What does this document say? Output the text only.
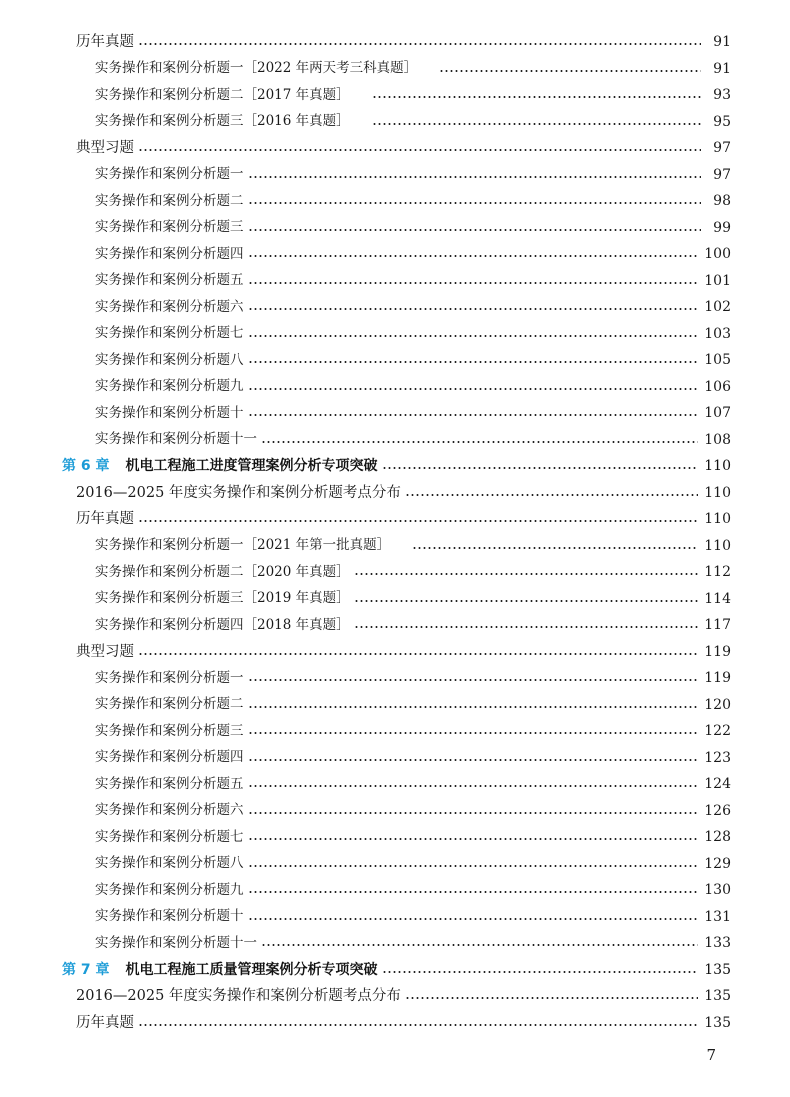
历年真题	91
实务操作和案例分析题一［2022 年两天考三科真题］	91
实务操作和案例分析题二［2017 年真题］	93
实务操作和案例分析题三［2016 年真题］	95
典型习题	97
实务操作和案例分析题一	97
实务操作和案例分析题二	98
实务操作和案例分析题三	99
实务操作和案例分析题四	100
实务操作和案例分析题五	101
实务操作和案例分析题六	102
实务操作和案例分析题七	103
实务操作和案例分析题八	105
实务操作和案例分析题九	106
实务操作和案例分析题十	107
实务操作和案例分析题十一	108
第 6 章 机电工程施工进度管理案例分析专项突破	110
2016—2025 年度实务操作和案例分析题考点分布	110
历年真题	110
实务操作和案例分析题一［2021 年第一批真题］	110
实务操作和案例分析题二［2020 年真题］	112
实务操作和案例分析题三［2019 年真题］	114
实务操作和案例分析题四［2018 年真题］	117
典型习题	119
实务操作和案例分析题一	119
实务操作和案例分析题二	120
实务操作和案例分析题三	122
实务操作和案例分析题四	123
实务操作和案例分析题五	124
实务操作和案例分析题六	126
实务操作和案例分析题七	128
实务操作和案例分析题八	129
实务操作和案例分析题九	130
实务操作和案例分析题十	131
实务操作和案例分析题十一	133
第 7 章 机电工程施工质量管理案例分析专项突破	135
2016—2025 年度实务操作和案例分析题考点分布	135
历年真题	135
7
